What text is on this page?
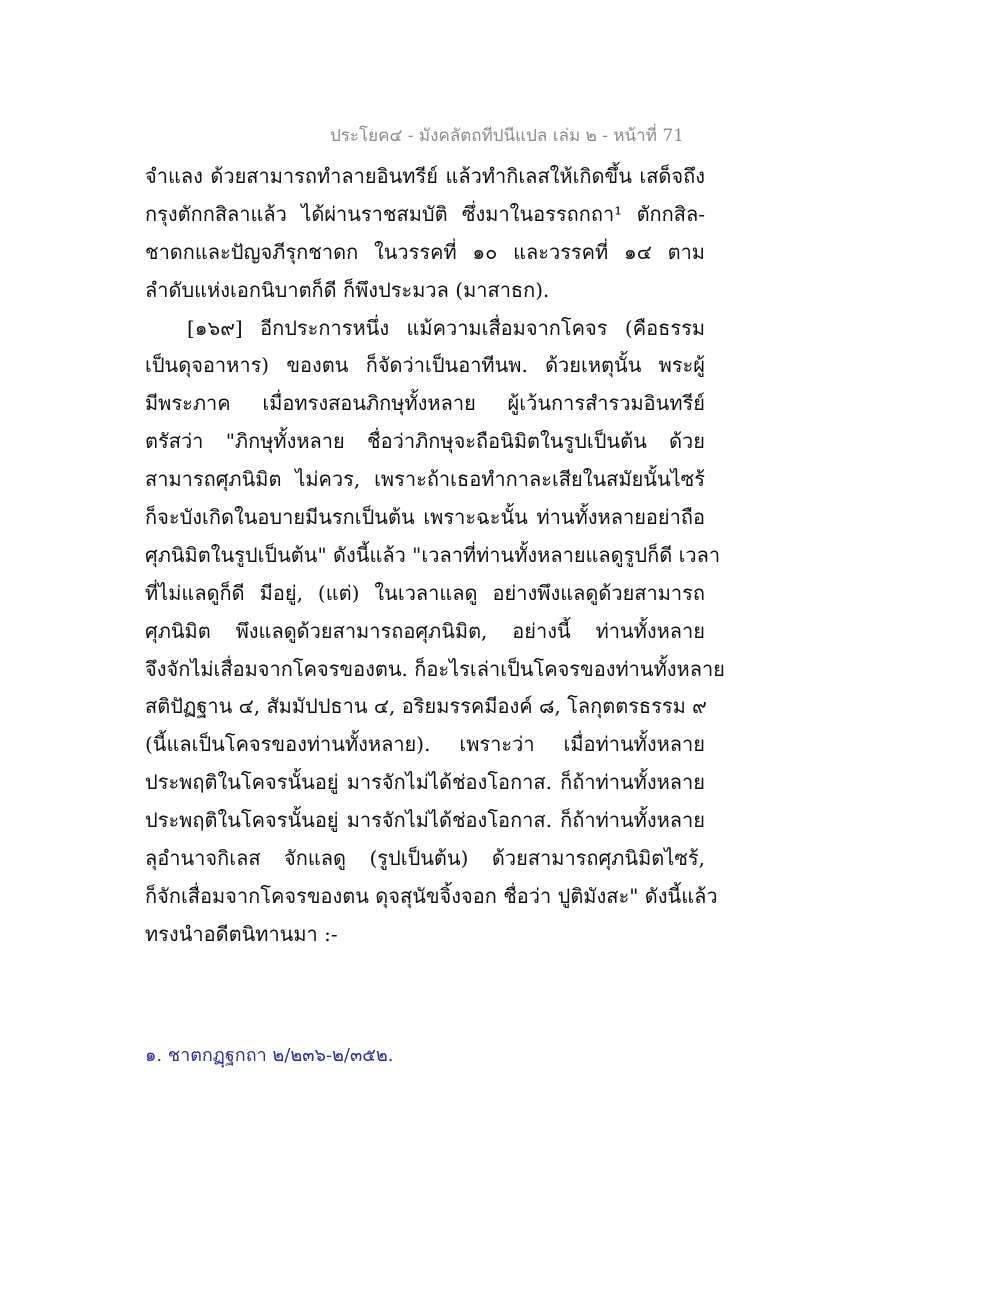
ประโยค๔ - มังคลัตถทีปนีแปล เล่ม ๒ - หน้าที่ 71
จำแลง ด้วยสามารถทำลายอินทรีย์ แล้วทำกิเลสให้เกิดขึ้น เสด็จถึง
กรุงตักกสิลาแล้ว ได้ผ่านราชสมบัติ ซึ่งมาในอรรถกถา¹ ตักกสิล-
ชาดกและปัญจภีรุกชาดก ในวรรคที่ ๑๐ และวรรคที่ ๑๔ ตาม
ลำดับแห่งเอกนิบาตก็ดี ก็พึงประมวล (มาสาธก).
[๑๖๙] อีกประการหนึ่ง แม้ความเสื่อมจากโคจร (คือธรรม
เป็นดุจอาหาร) ของตน ก็จัดว่าเป็นอาทีนพ. ด้วยเหตุนั้น พระผู้
มีพระภาค เมื่อทรงสอนภิกษุทั้งหลาย ผู้เว้นการสำรวมอินทรีย์
ตรัสว่า "ภิกษุทั้งหลาย ชื่อว่าภิกษุจะถือนิมิตในรูปเป็นต้น ด้วย
สามารถศุภนิมิต ไม่ควร, เพราะถ้าเธอทำกาละเสียในสมัยนั้นไซร้
ก็จะบังเกิดในอบายมีนรกเป็นต้น เพราะฉะนั้น ท่านทั้งหลายอย่าถือ
ศุภนิมิตในรูปเป็นต้น" ดังนี้แล้ว "เวลาที่ท่านทั้งหลายแลดูรูปก็ดี เวลา
ที่ไม่แลดูก็ดี มีอยู่, (แต่) ในเวลาแลดู อย่างพึงแลดูด้วยสามารถ
ศุภนิมิต พึงแลดูด้วยสามารถอศุภนิมิต, อย่างนี้ ท่านทั้งหลาย
จึงจักไม่เสื่อมจากโคจรของตน. ก็อะไรเล่าเป็นโคจรของท่านทั้งหลาย
สติปัฏฐาน ๔, สัมมัปปธาน ๔, อริยมรรคมีองค์ ๘, โลกุตตรธรรม ๙
(นี้แลเป็นโคจรของท่านทั้งหลาย). เพราะว่า เมื่อท่านทั้งหลาย
ประพฤติในโคจรนั้นอยู่ มารจักไม่ได้ช่องโอกาส. ก็ถ้าท่านทั้งหลาย
ประพฤติในโคจรนั้นอยู่ มารจักไม่ได้ช่องโอกาส. ก็ถ้าท่านทั้งหลาย
ลุอำนาจกิเลส จักแลดู (รูปเป็นต้น) ด้วยสามารถศุภนิมิตไซร้,
ก็จักเสื่อมจากโคจรของตน ดุจสุนัขจิ้งจอก ชื่อว่า ปูติมังสะ" ดังนี้แล้ว
ทรงนำอดีตนิทานมา :-
๑. ชาตกฏฺฐกถา ๒/๒๓๖-๒/๓๕๒.
